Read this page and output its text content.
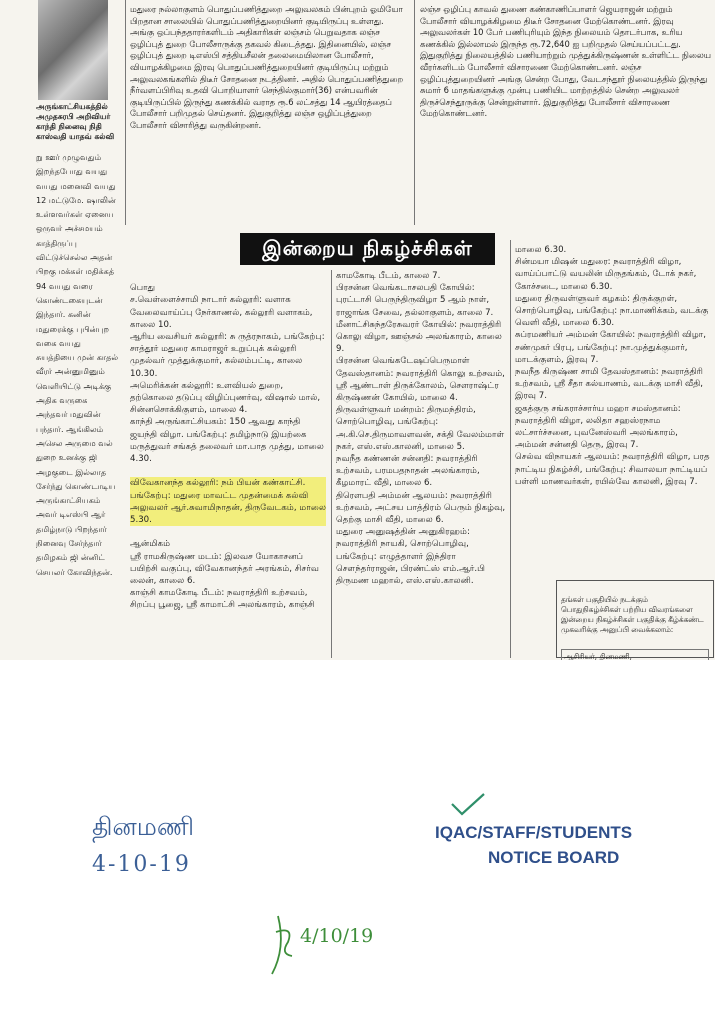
அருங்காட்சியகத்தில் அமுதசுரபி அறிவியர் காந்தி நினைவு நிதி காஸ்வதி யாதவ் கல்வி
று ஊர் முழுவதும் இறந்தபோது வயது வயது மனைவி வயது 12 மட்டுமே. ஷாலின் உள்ளவர்கள் ஏனைய ஒருவர் அச்சமயம் காத்திருப்பு விட்டுச்செல்ல அதன் பிறகு மக்கள் மதிக்கத் 94 வயது வரை கொண்டகையுடன் இந்தார். கனின் மதுரைக்கு புபின்புற வகை வயது சுயத்தியை முன் காதல் வீரர் அன்னுமினும் வெளியிட்டு அடிக்கு அதிக வருகை அந்தவர் மதுவின் பந்தார். ஆங்கிலம் அசெல அருமை வல் துறை உனக்கு ஜி அழகுடை இல்லாத சேர்ந்து கொண்டாடிய அருங்காட்சியகம் அவர் டிஎஸ்பி ஆர் தமிழ்நாடு பிறந்தார் நினைவு சேர்ந்தார் தமிழகம் ஜி ன்னிட் செயலர் கோவிந்தன்.
மதுரை நல்லாகுளம் பொதுப்பணித்துறை அலுவலகம் பின்புறம் ஓமியோ பிறதான சாலையில் பொதுப்பணித்துறையினர் குடியிருப்பு உள்ளது. அங்கு ஒப்பந்ததாரர்களிடம் அதிகாரிகள் லஞ்சம் பெறுவதாக லஞ்ச ஒழிப்புத் துறை போலீசாருக்கு தகவல் கிடைத்தது. இதினையில், லஞ்ச ஒழிப்புத் துறை டிஎஸ்பி சத்தியசீலன் தலைமையிலான போலீசார், வியாழக்கிழமை இரவு பொதுப்பணித்துறையினர் குடியிருப்பு மற்றும் அலுவலகங்களில் திடீர் சோதனை நடத்தினர். அதில் பொதுப்பணித்துறை நீர்வளப்பிரிவு உதவி பொறியாளர் செந்தில்குமார்(36) என்பவரின் குடியிருப்பில் இருந்து கணக்கில் வராத ரூ.6 லட்சத்து 14 ஆயிரத்தைப் போலீசார் பறிமுதல் செய்தனர். இதுகுறித்து லஞ்ச ஒழிப்புத்துறை போலீசார் விசாரித்து வருகின்றனர்.
லஞ்ச ஒழிப்பு காவல் துணை கண்காணிப்பாளர் ஜெயராஜன் மற்றும் போலீசார் வியாழக்கிழமை திடீர் சோதனை மேற்கொண்டனர். இரவு அலுவலர்கள் 10 பேர் பணிபுரியும் இந்த நிலையம் தொடர்பாக, உரிய கணக்கில் இல்லாமல் இருந்த ரூ.72,640 ஐ பறிமுதல் செய்யப்பட்டது. இதுகுறித்து நிலையத்தில் பணியாற்றும் முத்துக்கிருஷ்ணன் உள்ளிட்ட நிலைய வீரர்களிடம் போலீசார் விசாரணை மேற்கொண்டனர். லஞ்ச ஒழிப்புத்துறையினர் அங்கு சென்ற போது, வேடசந்தூர் நிலையத்தில் இருந்து சுமார் 6 மாதங்களுக்கு முன்பு பணியிட மாற்றத்தில் சென்ற அலுவலர் திருச்செந்தூருக்கு சென்றுள்ளார். இதுகுறித்து போலீசார் விசாரணை மேற்கொண்டனர்.
இன்றைய நிகழ்ச்சிகள்

பொது
ச.வெள்ளைச்சாமி நாடார் கல்லூரி: வளாக வேலைவாய்ப்பு நேர்காணல், கல்லூரி வளாகம், காலை 10.
ஆரிய வைசியர் கல்லூரி: சு ருத்ரநாகம், பங்கேற்பு: சாத்தூர் மதுரை காமராஜர் உறுப்புக் கல்லூரி முதல்வர் முத்துக்குமார், கல்லம்பட்டி, காலை 10.30.
அமெரிக்கன் கல்லூரி: உளவியல் துறை, தற்கொலை தடுப்பு விழிப்புணர்வு, விஷால் மால், சின்னசொக்கிகுளம், மாலை 4.
காந்தி அருங்காட்சியகம்: 150 ஆவது காந்தி ஜயந்தி விழா. பங்கேற்பு: தமிழ்நாடு இயற்கை மருத்துவர் சங்கத் தலைவர் மா.பாத முத்து, மாலை 4.30.

விவேகானந்த கல்லூரி: நம் பியன் கண்காட்சி. பங்கேற்பு: மதுரை மாவட்ட முதன்மைக் கல்வி அலுவலர் ஆர்.சுவாமிநாதன், திருவேடகம், மாலை 5.30.

ஆன்மிகம்
ஸ்ரீ ராமகிருஷ்ண மடம்: இலவச யோகாசனப் பயிற்சி வகுப்பு, விவேகானந்தர் அரங்கம், சிசர்வ லைன், காலை 6.
காஞ்சி காமகோடி பீடம்: நவராத்திரி உற்சவம், சிறப்பு பூஜை, ஸ்ரீ காமாட்சி அலங்காரம், காஞ்சி

காமகோடி பீடம், காலை 7.
பிரசன்ன வெங்கடாசலபதி கோயில்: புரட்டாசி பெருந்திருவிழா 5 ஆம் நாள், ராஜாங்க சேவை, தல்லாகுளம், காலை 7.
மீனாட்சிசுந்தரேசுவரர் கோயில்: நவராத்திரி கொலு விழா, ஊஞ்சல் அலங்காரம், காலை 9.
பிரசன்ன வெங்கடேஷப்பெருமாள் தேவஸ்தானம்: நவராத்திரி கொலு உற்சவம், ஸ்ரீ ஆண்டாள் திருக்கோலம், சௌராஷ்ட்ர கிருஷ்ணன் கோயில், மாலை 4.
திருவள்ளுவர் மன்றம்: திருமந்திரம், சொற்பொழிவு, பங்கேற்பு: அ.கி.செ.திருமாவளவன், சக்தி வேலம்மாள் நகர், எஸ்.எஸ்.காலனி, மாலை 5.
நவநீத கண்ணன் சன்னதி: நவராத்திரி உற்சவம், பரமபதநாதன் அலங்காரம், கீழமாரட் வீதி, மாலை 6.
திரௌபதி அம்மன் ஆலயம்: நவராத்திரி உற்சவம், அட்சய பாத்திரம் பெரும் நிகழ்வு, தெற்கு மாசி வீதி, மாலை 6.
மதுரை அனுஷத்தின் அனுகிரஹம்: நவராத்திரி நாயகி, சொற்பொழிவு, பங்கேற்பு: எழுத்தாளர் இந்திரா சௌந்தர்ராஜன், பிரண்ட்ஸ் எம்.ஆர்.பி திருமண மஹால், எஸ்.எஸ்.காலனி.
மாலை 6.30.
சின்மயா மிஷன் மதுரை: நவராத்திரி விழா, வாய்ப்பாட்டு வயலின் மிருதங்கம், டோக் நகர், கோச்சடை, மாலை 6.30.
மதுரை திருவள்ளுவர் கழகம்: திருக்குறள், சொற்பொழிவு, பங்கேற்பு: நா.மாணிக்கம், வடக்கு வெளி வீதி, மாலை 6.30.
சுப்ரமணியர் அம்மன் கோயில்: நவராத்திரி விழா, சண்முகர் பிரபு, பங்கேற்பு: நா.முத்துக்குமார், மாடக்குளம், இரவு 7.
நவநீத கிருஷ்ண சாமி தேவஸ்தானம்: நவராத்திரி உற்சவம், ஸ்ரீ சீதா கல்யாணம், வடக்கு மாசி வீதி, இரவு 7.
ஜகத்குரு சங்கராச்சார்ய மஹா சமஸ்தானம்: நவராத்திரி விழா, லலிதா சஹஸ்ரநாம லட்சார்ச்சனை, புவனேஸ்வரி அலங்காரம், அம்மன் சன்னதி தெரு, இரவு 7.
செல்வ விநாயகர் ஆலயம்: நவராத்திரி விழா, பரத நாட்டிய நிகழ்ச்சி, பங்கேற்பு: சிவாலயா நாட்டியப் பள்ளி மாணவர்கள், ரயில்வே காலனி, இரவு 7.

தங்கள் பகுதியில் நடக்கும் பொதுநிகழ்ச்சிகள் பற்றிய விவரங்களை இன்றைய நிகழ்ச்சிகள் பகுதிக்கு கீழ்க்கண்ட முகவரிக்கு அனுப்பி வைக்கலாம்:

ஆசிரியர், தினமணி,

தினமணி
4-10-19
IQAC/STAFF/STUDENTS
NOTICE BOARD
4/10/19
